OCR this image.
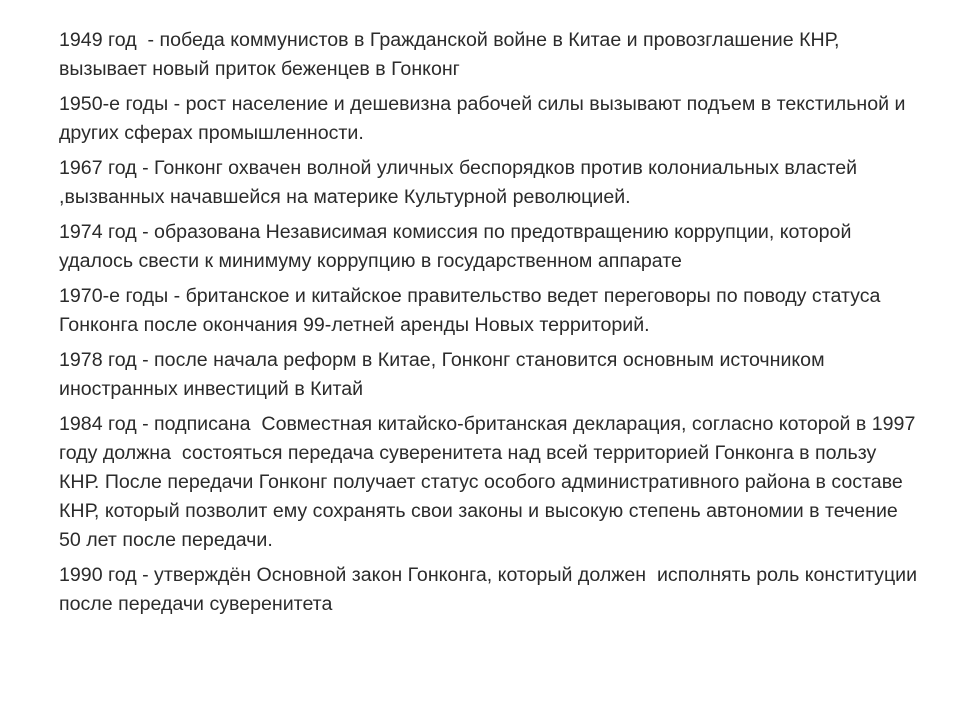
1949 год  - победа коммунистов в Гражданской войне в Китае и провозглашение КНР, вызывает новый приток беженцев в Гонконг

1950-е годы - рост население и дешевизна рабочей силы вызывают подъем в текстильной и других сферах промышленности.

1967 год - Гонконг охвачен волной уличных беспорядков против колониальных властей ,вызванных начавшейся на материке Культурной революцией.

1974 год - образована Независимая комиссия по предотвращению коррупции, которой удалось свести к минимуму коррупцию в государственном аппарате

1970-е годы - британское и китайское правительство ведет переговоры по поводу статуса Гонконга после окончания 99-летней аренды Новых территорий.

1978 год - после начала реформ в Китае, Гонконг становится основным источником иностранных инвестиций в Китай

1984 год - подписана  Совместная китайско-британская декларация, согласно которой в 1997 году должна  состояться передача суверенитета над всей территорией Гонконга в пользу КНР. После передачи Гонконг получает статус особого административного района в составе КНР, который позволит ему сохранять свои законы и высокую степень автономии в течение  50 лет после передачи.

1990 год - утверждён Основной закон Гонконга, который должен  исполнять роль конституции после передачи суверенитета
